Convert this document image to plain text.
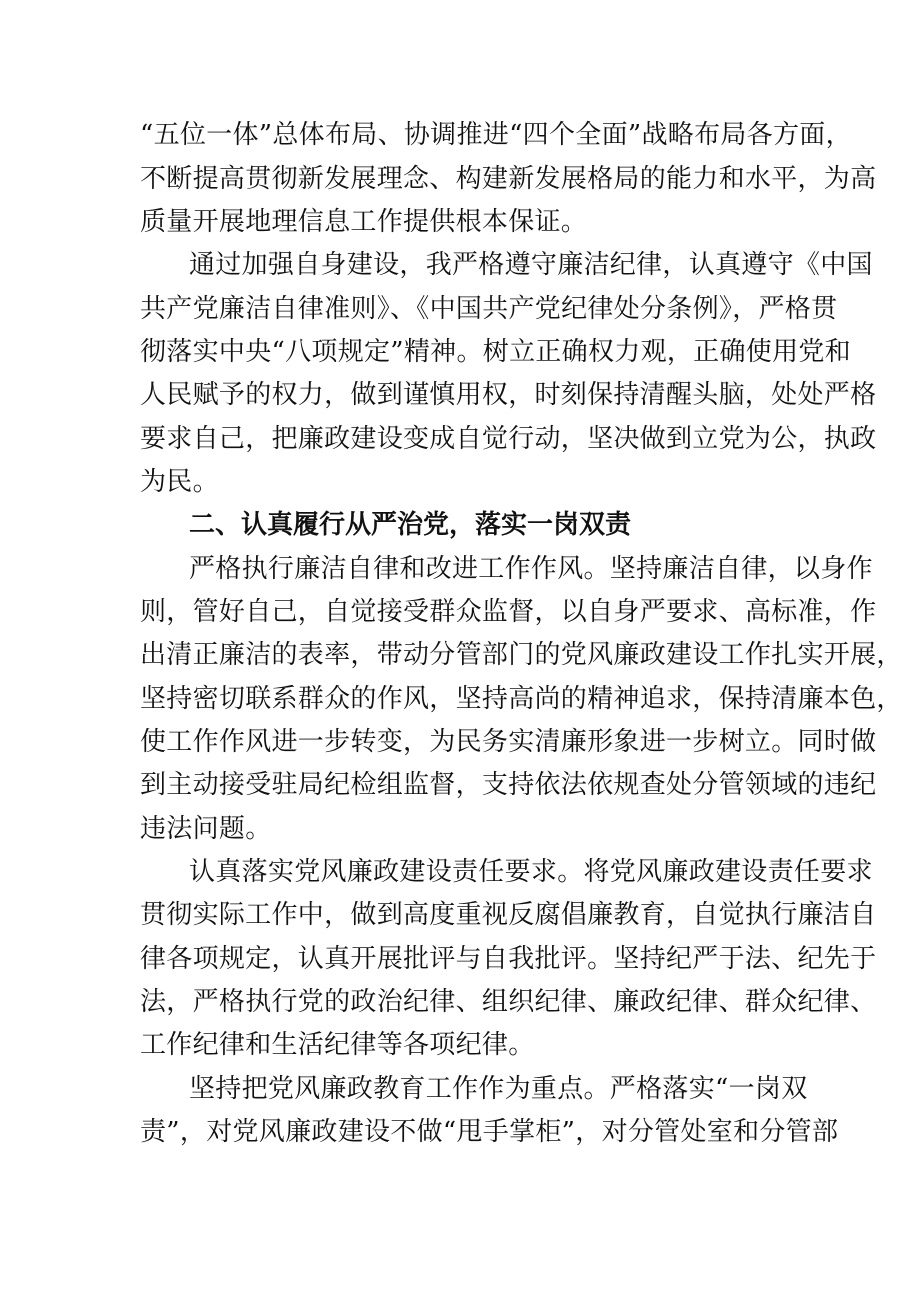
“五位一体”总体布局、协调推进“四个全面”战略布局各方面，
不断提高贯彻新发展理念、构建新发展格局的能力和水平，为高
质量开展地理信息工作提供根本保证。
通过加强自身建设，我严格遵守廉洁纪律，认真遵守《中国
共产党廉洁自律准则》、《中国共产党纪律处分条例》，严格贯
彻落实中央“八项规定”精神。树立正确权力观，正确使用党和
人民赋予的权力，做到谨慎用权，时刻保持清醒头脑，处处严格
要求自己，把廉政建设变成自觉行动，坚决做到立党为公，执政
为民。
二、认真履行从严治党，落实一岗双责
严格执行廉洁自律和改进工作作风。坚持廉洁自律，以身作
则，管好自己，自觉接受群众监督，以自身严要求、高标准，作
出清正廉洁的表率，带动分管部门的党风廉政建设工作扎实开展，
坚持密切联系群众的作风，坚持高尚的精神追求，保持清廉本色，
使工作作风进一步转变，为民务实清廉形象进一步树立。同时做
到主动接受驻局纪检组监督，支持依法依规查处分管领域的违纪
违法问题。
认真落实党风廉政建设责任要求。将党风廉政建设责任要求
贯彻实际工作中，做到高度重视反腐倡廉教育，自觉执行廉洁自
律各项规定，认真开展批评与自我批评。坚持纪严于法、纪先于
法，严格执行党的政治纪律、组织纪律、廉政纪律、群众纪律、
工作纪律和生活纪律等各项纪律。
坚持把党风廉政教育工作作为重点。严格落实“一岗双
责”，对党风廉政建设不做“甩手掌柜”，对分管处室和分管部
